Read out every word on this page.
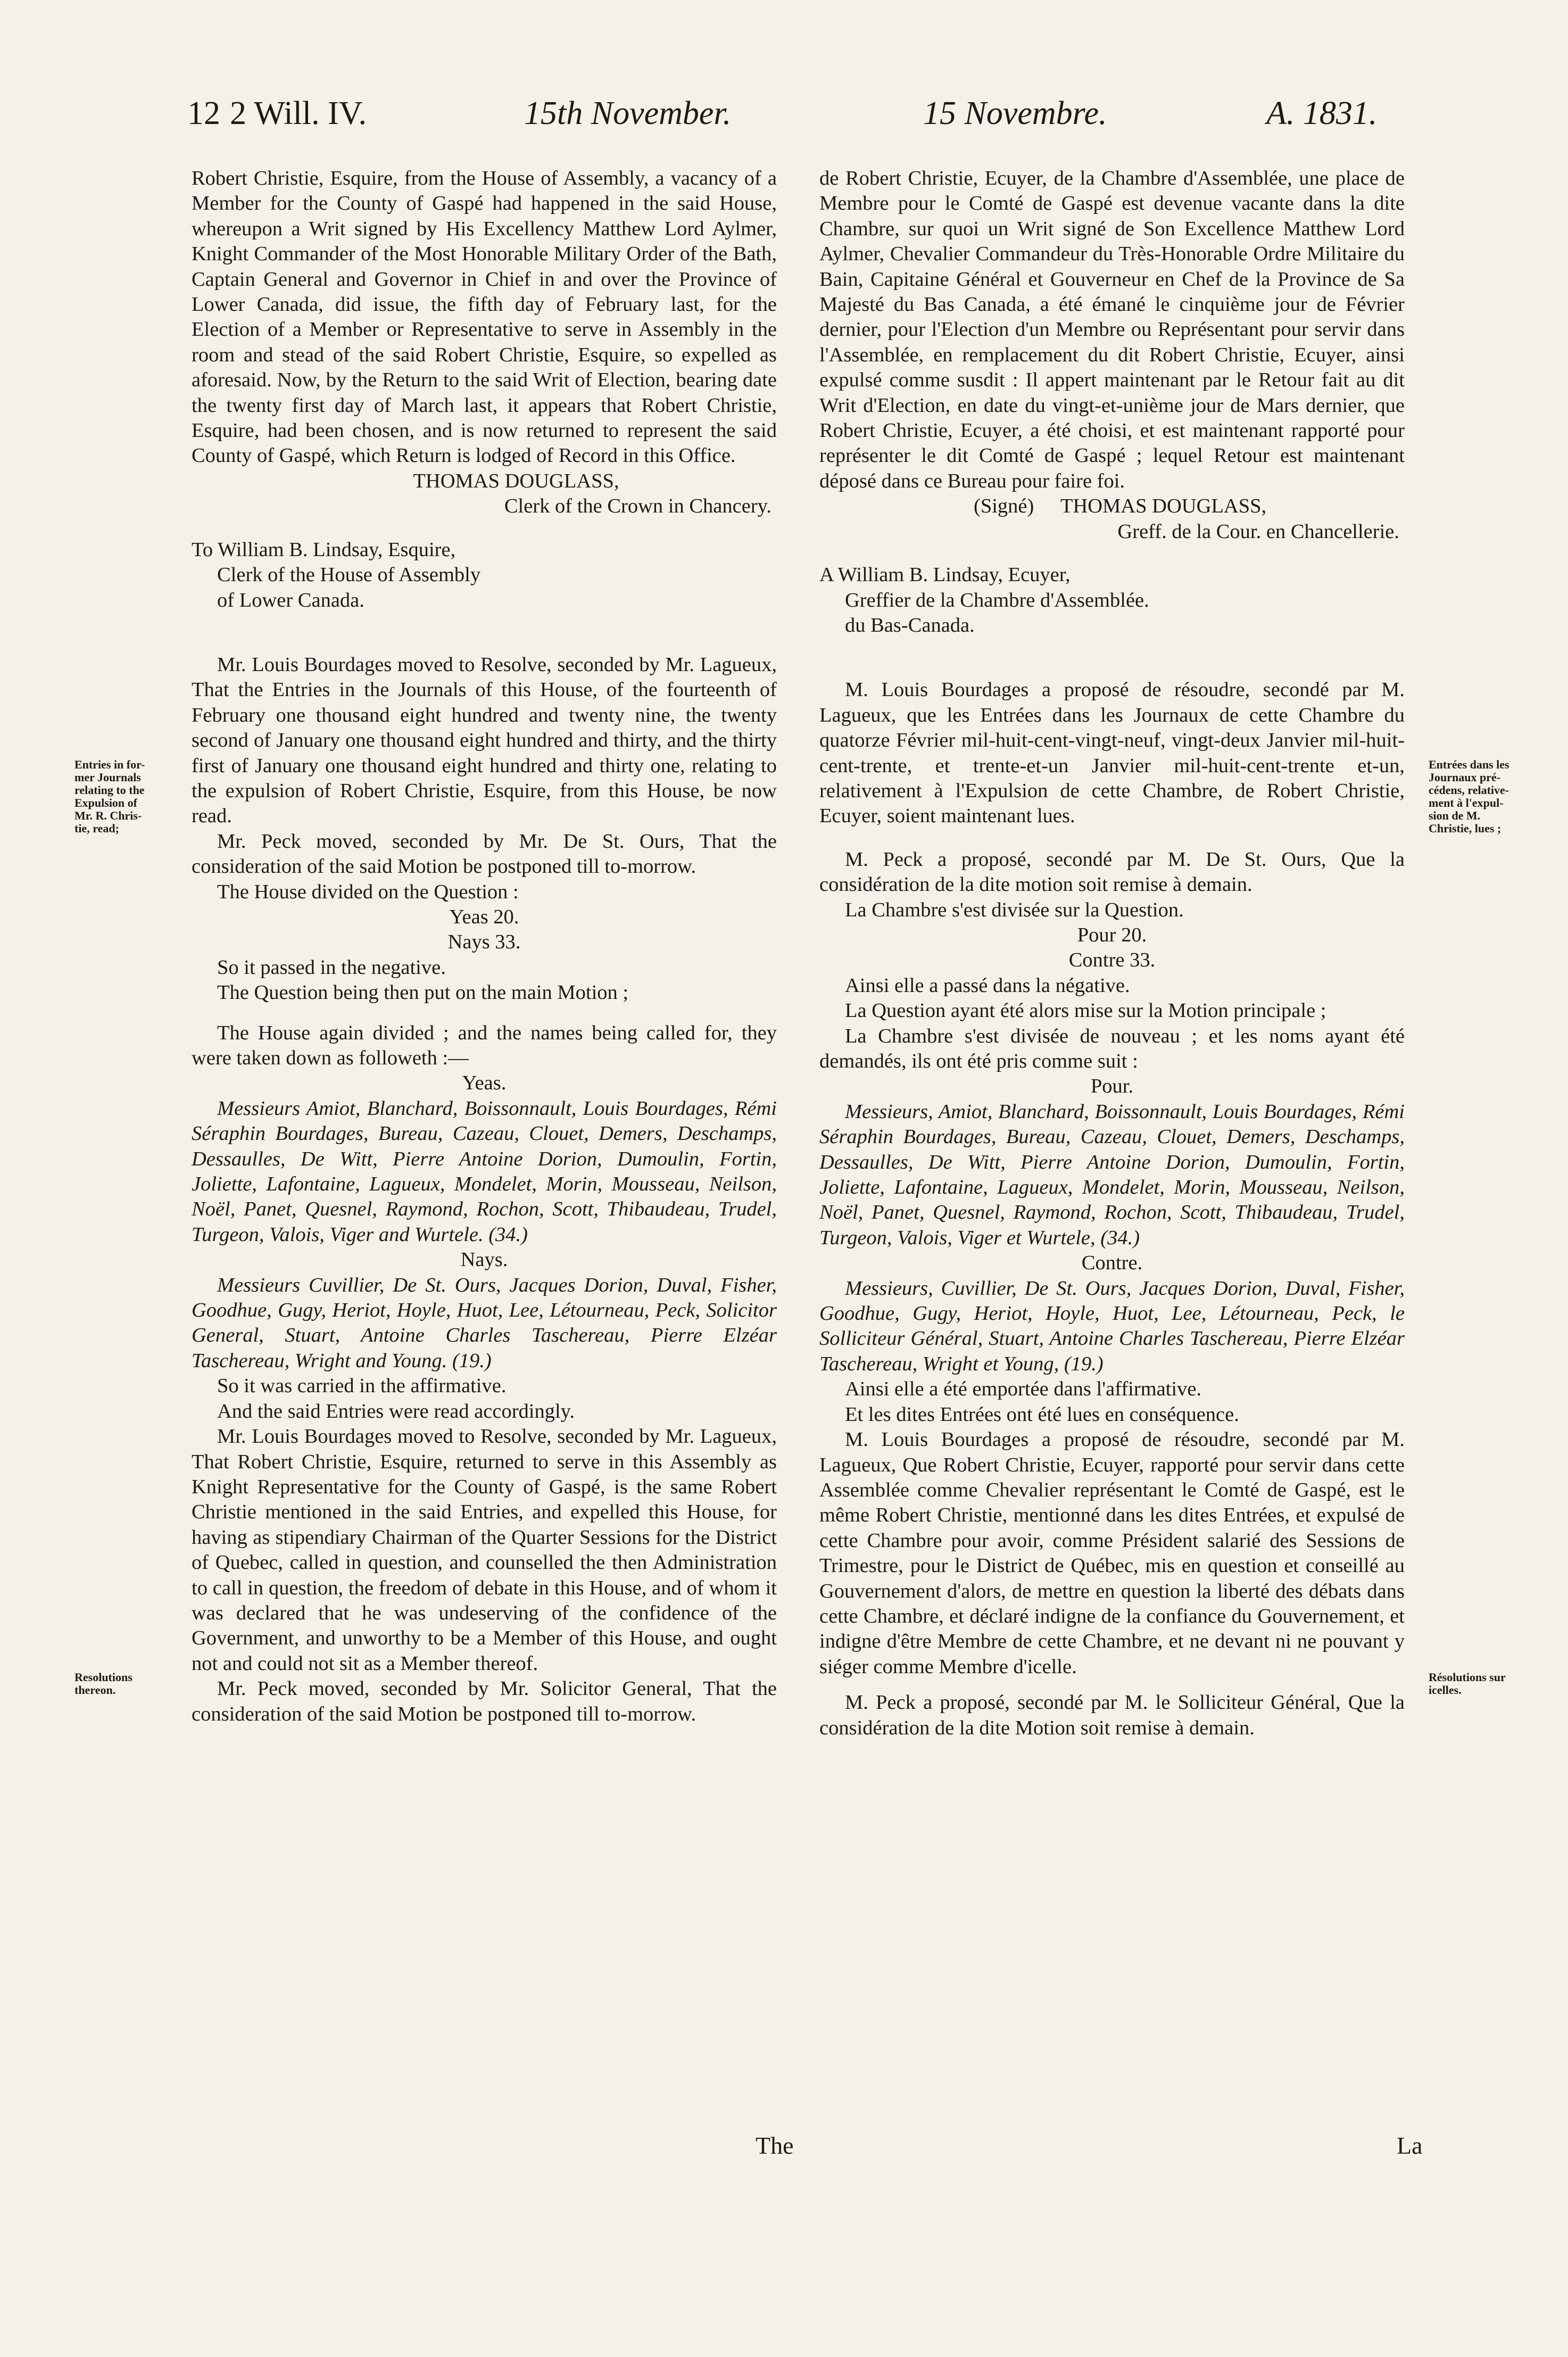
12 2 Will. IV.	15th November.	15 Novembre.	A. 1831.
Entries in for-
mer Journals
relating to the
Expulsion of
Mr. R. Chris-
tie, read;
Resolutions
thereon.
Entrées dans les
Journaux pré-
cédens, relative-
ment à l'expul-
sion de M.
Christie, lues ;
Résolutions sur
icelles.

Robert Christie, Esquire, from the House of Assembly, a vacancy of a Member for the County of Gaspé had happened in the said House, whereupon a Writ signed by His Excellency Matthew Lord Aylmer, Knight Commander of the Most Honorable Military Order of the Bath, Captain General and Governor in Chief in and over the Province of Lower Canada, did issue, the fifth day of February last, for the Election of a Member or Representative to serve in Assembly in the room and stead of the said Robert Christie, Esquire, so expelled as aforesaid. Now, by the Return to the said Writ of Election, bearing date the twenty first day of March last, it appears that Robert Christie, Esquire, had been chosen, and is now returned to represent the said County of Gaspé, which Return is lodged of Record in this Office.

THOMAS DOUGLASS,

Clerk of the Crown in Chancery.

To William B. Lindsay, Esquire,

Clerk of the House of Assembly

of Lower Canada.

Mr. Louis Bourdages moved to Resolve, seconded by Mr. Lagueux, That the Entries in the Journals of this House, of the fourteenth of February one thousand eight hundred and twenty nine, the twenty second of January one thousand eight hundred and thirty, and the thirty first of January one thousand eight hundred and thirty one, relating to the expulsion of Robert Christie, Esquire, from this House, be now read.

Mr. Peck moved, seconded by Mr. De St. Ours, That the consideration of the said Motion be postponed till to-morrow.

The House divided on the Question :

Yeas 20.

Nays 33.

So it passed in the negative.

The Question being then put on the main Motion ;

The House again divided ; and the names being called for, they were taken down as followeth :—

Yeas.

Messieurs Amiot, Blanchard, Boissonnault, Louis Bourdages, Rémi Séraphin Bourdages, Bureau, Cazeau, Clouet, Demers, Deschamps, Dessaulles, De Witt, Pierre Antoine Dorion, Dumoulin, Fortin, Joliette, Lafontaine, Lagueux, Mondelet, Morin, Mousseau, Neilson, Noël, Panet, Quesnel, Raymond, Rochon, Scott, Thibaudeau, Trudel, Turgeon, Valois, Viger and Wurtele. (34.)

Nays.

Messieurs Cuvillier, De St. Ours, Jacques Dorion, Duval, Fisher, Goodhue, Gugy, Heriot, Hoyle, Huot, Lee, Létourneau, Peck, Solicitor General, Stuart, Antoine Charles Taschereau, Pierre Elzéar Taschereau, Wright and Young. (19.)

So it was carried in the affirmative.

And the said Entries were read accordingly.

Mr. Louis Bourdages moved to Resolve, seconded by Mr. Lagueux, That Robert Christie, Esquire, returned to serve in this Assembly as Knight Representative for the County of Gaspé, is the same Robert Christie mentioned in the said Entries, and expelled this House, for having as stipendiary Chairman of the Quarter Sessions for the District of Quebec, called in question, and counselled the then Administration to call in question, the freedom of debate in this House, and of whom it was declared that he was undeserving of the confidence of the Government, and unworthy to be a Member of this House, and ought not and could not sit as a Member thereof.

Mr. Peck moved, seconded by Mr. Solicitor General, That the consideration of the said Motion be postponed till to-morrow.

de Robert Christie, Ecuyer, de la Chambre d'Assemblée, une place de Membre pour le Comté de Gaspé est devenue vacante dans la dite Chambre, sur quoi un Writ signé de Son Excellence Matthew Lord Aylmer, Chevalier Commandeur du Très-Honorable Ordre Militaire du Bain, Capitaine Général et Gouverneur en Chef de la Province de Sa Majesté du Bas Canada, a été émané le cinquième jour de Février dernier, pour l'Election d'un Membre ou Représentant pour servir dans l'Assemblée, en remplacement du dit Robert Christie, Ecuyer, ainsi expulsé comme susdit : Il appert maintenant par le Retour fait au dit Writ d'Election, en date du vingt-et-unième jour de Mars dernier, que Robert Christie, Ecuyer, a été choisi, et est maintenant rapporté pour représenter le dit Comté de Gaspé ; lequel Retour est maintenant déposé dans ce Bureau pour faire foi.

(Signé) THOMAS DOUGLASS,

Greff. de la Cour. en Chancellerie.

A William B. Lindsay, Ecuyer,

Greffier de la Chambre d'Assemblée.

du Bas-Canada.

M. Louis Bourdages a proposé de résoudre, secondé par M. Lagueux, que les Entrées dans les Journaux de cette Chambre du quatorze Février mil-huit-cent-vingt-neuf, vingt-deux Janvier mil-huit-cent-trente, et trente-et-un Janvier mil-huit-cent-trente et-un, relativement à l'Expulsion de cette Chambre, de Robert Christie, Ecuyer, soient maintenant lues.

M. Peck a proposé, secondé par M. De St. Ours, Que la considération de la dite motion soit remise à demain.

La Chambre s'est divisée sur la Question.

Pour 20.

Contre 33.

Ainsi elle a passé dans la négative.

La Question ayant été alors mise sur la Motion principale ;

La Chambre s'est divisée de nouveau ; et les noms ayant été demandés, ils ont été pris comme suit :

Pour.

Messieurs, Amiot, Blanchard, Boissonnault, Louis Bourdages, Rémi Séraphin Bourdages, Bureau, Cazeau, Clouet, Demers, Deschamps, Dessaulles, De Witt, Pierre Antoine Dorion, Dumoulin, Fortin, Joliette, Lafontaine, Lagueux, Mondelet, Morin, Mousseau, Neilson, Noël, Panet, Quesnel, Raymond, Rochon, Scott, Thibaudeau, Trudel, Turgeon, Valois, Viger et Wurtele, (34.)

Contre.

Messieurs, Cuvillier, De St. Ours, Jacques Dorion, Duval, Fisher, Goodhue, Gugy, Heriot, Hoyle, Huot, Lee, Létourneau, Peck, le Solliciteur Général, Stuart, Antoine Charles Taschereau, Pierre Elzéar Taschereau, Wright et Young, (19.)

Ainsi elle a été emportée dans l'affirmative.

Et les dites Entrées ont été lues en conséquence.

M. Louis Bourdages a proposé de résoudre, secondé par M. Lagueux, Que Robert Christie, Ecuyer, rapporté pour servir dans cette Assemblée comme Chevalier représentant le Comté de Gaspé, est le même Robert Christie, mentionné dans les dites Entrées, et expulsé de cette Chambre pour avoir, comme Président salarié des Sessions de Trimestre, pour le District de Québec, mis en question et conseillé au Gouvernement d'alors, de mettre en question la liberté des débats dans cette Chambre, et déclaré indigne de la confiance du Gouvernement, et indigne d'être Membre de cette Chambre, et ne devant ni ne pouvant y siéger comme Membre d'icelle.

M. Peck a proposé, secondé par M. le Solliciteur Général, Que la considération de la dite Motion soit remise à demain.

The	La
